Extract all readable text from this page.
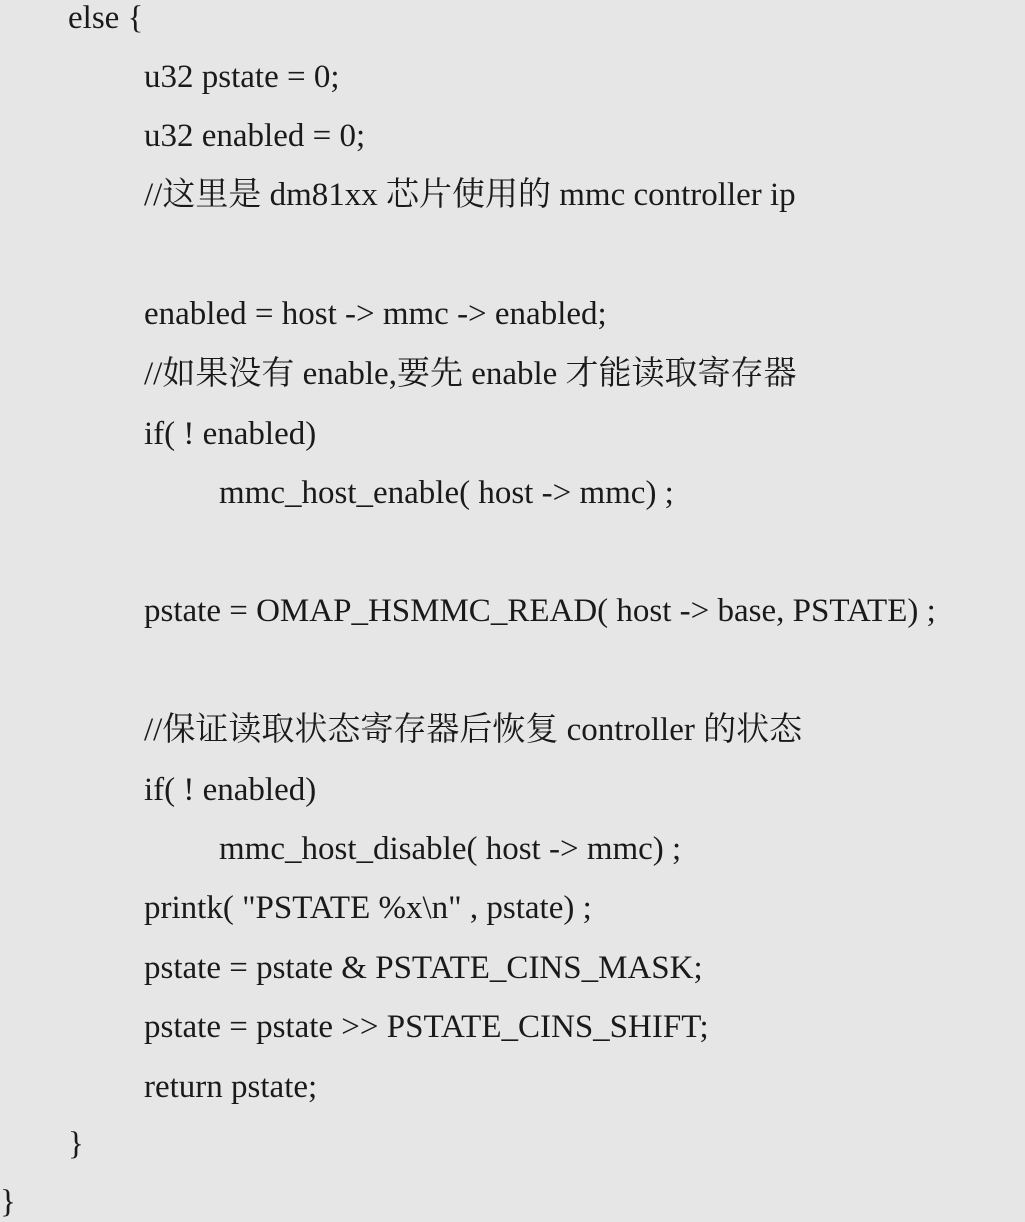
else {
u32 pstate = 0;
u32 enabled = 0;
//这里是 dm81xx 芯片使用的 mmc controller ip
enabled = host -> mmc -> enabled;
//如果没有 enable,要先 enable 才能读取寄存器
if( ! enabled)
mmc_host_enable( host -> mmc) ;
pstate = OMAP_HSMMC_READ( host -> base, PSTATE) ;
//保证读取状态寄存器后恢复 controller 的状态
if( ! enabled)
mmc_host_disable( host -> mmc) ;
printk( "PSTATE %x\n" , pstate) ;
pstate = pstate & PSTATE_CINS_MASK;
pstate = pstate >> PSTATE_CINS_SHIFT;
return pstate;
}
}
